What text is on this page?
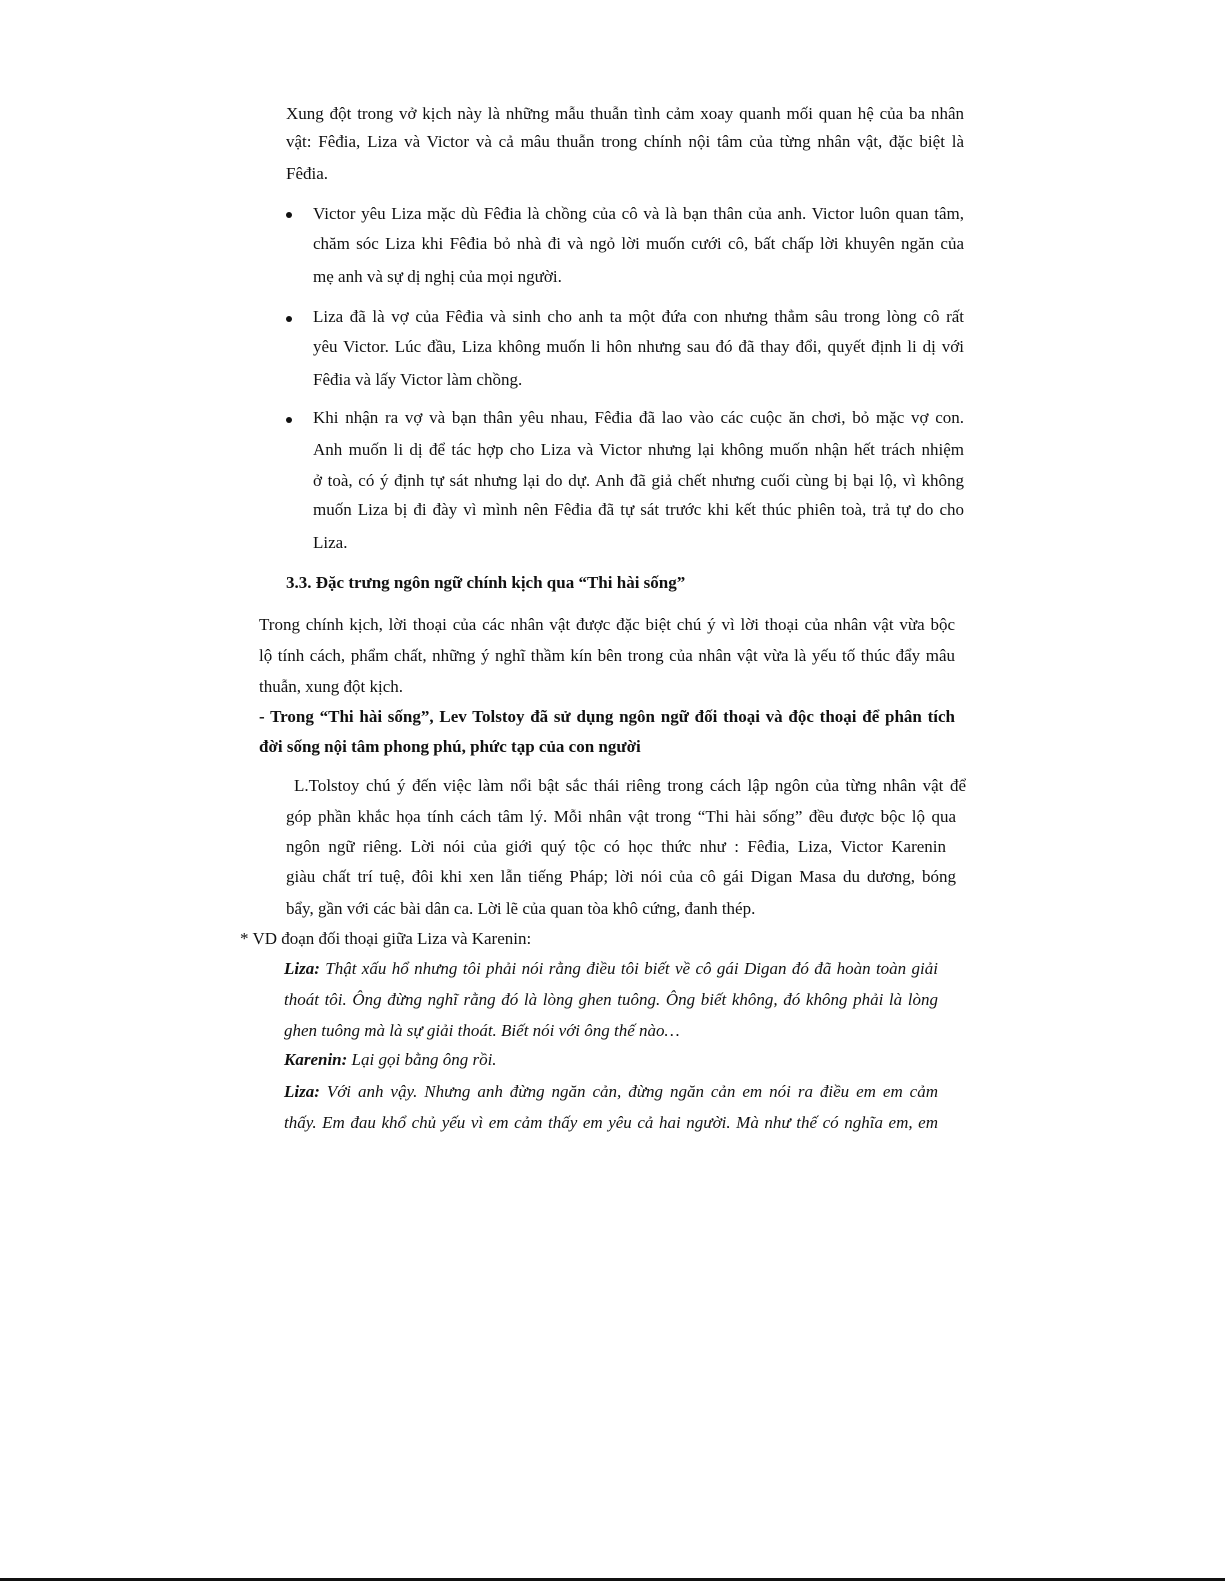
Xung đột trong vở kịch này là những mẫu thuẫn tình cảm xoay quanh mối quan hệ của ba nhân
vật: Fêđia, Liza và Victor và cả mâu thuẫn trong chính nội tâm của từng nhân vật, đặc biệt là
Fêđia.
Victor yêu Liza mặc dù Fêđia là chồng của cô và là bạn thân của anh. Victor luôn quan tâm,
chăm sóc Liza khi Fêđia bỏ nhà đi và ngỏ lời muốn cưới cô, bất chấp lời khuyên ngăn của
mẹ anh và sự dị nghị của mọi người.
Liza đã là vợ của Fêđia và sinh cho anh ta một đứa con nhưng thẳm sâu trong lòng cô rất
yêu Victor. Lúc đầu, Liza không muốn li hôn nhưng sau đó đã thay đổi, quyết định li dị với
Fêđia và lấy Victor làm chồng.
Khi nhận ra vợ và bạn thân yêu nhau, Fêđia đã lao vào các cuộc ăn chơi, bỏ mặc vợ con.
Anh muốn li dị để tác hợp cho Liza và Victor nhưng lại không muốn nhận hết trách nhiệm
ở toà, có ý định tự sát nhưng lại do dự. Anh đã giả chết nhưng cuối cùng bị bại lộ, vì không
muốn Liza bị đi đày vì mình nên Fêđia đã tự sát trước khi kết thúc phiên toà, trả tự do cho
Liza.
3.3. Đặc trưng ngôn ngữ chính kịch qua “Thi hài sống”
Trong chính kịch, lời thoại của các nhân vật được đặc biệt chú ý vì lời thoại của nhân vật vừa bộc
lộ tính cách, phẩm chất, những ý nghĩ thầm kín bên trong của nhân vật vừa là yếu tố thúc đẩy mâu
thuẫn, xung đột kịch.
- Trong “Thi hài sống”, Lev Tolstoy đã sử dụng ngôn ngữ đối thoại và độc thoại để phân tích
đời sống nội tâm phong phú, phức tạp của con người
L.Tolstoy chú ý đến việc làm nổi bật sắc thái riêng trong cách lập ngôn của từng nhân vật để
góp phần khắc họa tính cách tâm lý. Mỗi nhân vật trong “Thi hài sống” đều được bộc lộ qua
ngôn ngữ riêng. Lời nói của giới quý tộc có học thức như : Fêđia, Liza, Victor Karenin
giàu chất trí tuệ, đôi khi xen lẫn tiếng Pháp; lời nói của cô gái Digan Masa du dương, bóng
bẩy, gần với các bài dân ca. Lời lẽ của quan tòa khô cứng, đanh thép.
* VD đoạn đối thoại giữa Liza và Karenin:
Liza: Thật xấu hổ nhưng tôi phải nói rằng điều tôi biết về cô gái Digan đó đã hoàn toàn giải
thoát tôi. Ông đừng nghĩ rằng đó là lòng ghen tuông. Ông biết không, đó không phải là lòng
ghen tuông mà là sự giải thoát. Biết nói với ông thế nào…
Karenin: Lại gọi bằng ông rồi.
Liza: Với anh vậy. Nhưng anh đừng ngăn cản, đừng ngăn cản em nói ra điều em em cảm
thấy. Em đau khổ chủ yếu vì em cảm thấy em yêu cả hai người. Mà như thế có nghĩa em, em
